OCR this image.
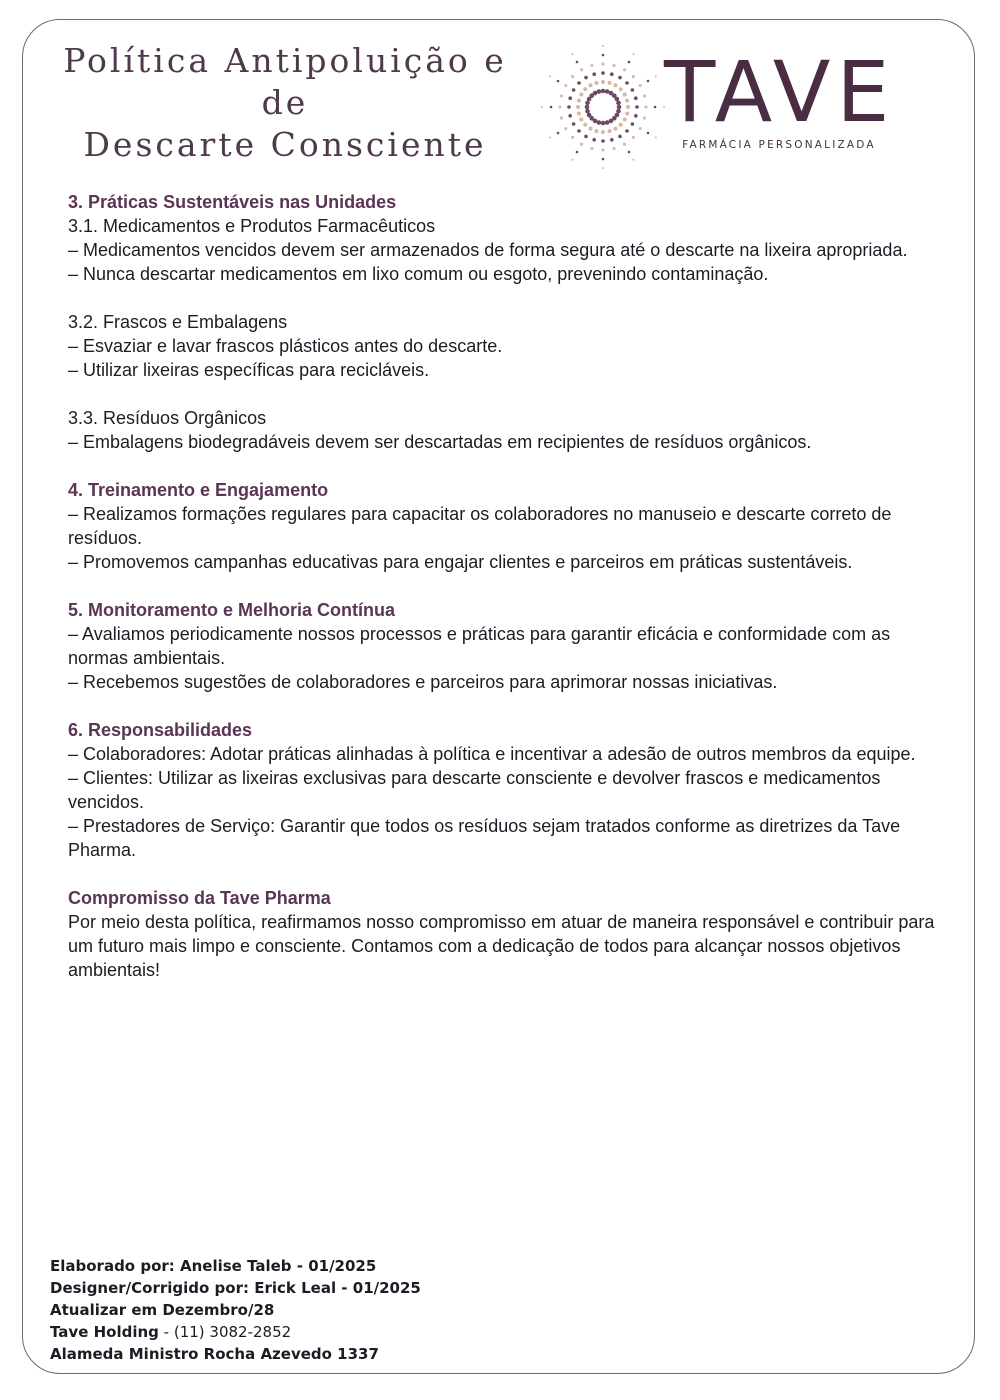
Política Antipoluição e de
Descarte Consciente
TAVE
FARMÁCIA PERSONALIZADA
3. Práticas Sustentáveis nas Unidades
3.1. Medicamentos e Produtos Farmacêuticos
– Medicamentos vencidos devem ser armazenados de forma segura até o descarte na lixeira apropriada.
– Nunca descartar medicamentos em lixo comum ou esgoto, prevenindo contaminação.
3.2. Frascos e Embalagens
– Esvaziar e lavar frascos plásticos antes do descarte.
– Utilizar lixeiras específicas para recicláveis.
3.3. Resíduos Orgânicos
– Embalagens biodegradáveis devem ser descartadas em recipientes de resíduos orgânicos.
4. Treinamento e Engajamento
– Realizamos formações regulares para capacitar os colaboradores no manuseio e descarte correto de resíduos.
– Promovemos campanhas educativas para engajar clientes e parceiros em práticas sustentáveis.
5. Monitoramento e Melhoria Contínua
– Avaliamos periodicamente nossos processos e práticas para garantir eficácia e conformidade com as normas ambientais.
– Recebemos sugestões de colaboradores e parceiros para aprimorar nossas iniciativas.
6. Responsabilidades
– Colaboradores: Adotar práticas alinhadas à política e incentivar a adesão de outros membros da equipe.
– Clientes: Utilizar as lixeiras exclusivas para descarte consciente e devolver frascos e medicamentos vencidos.
– Prestadores de Serviço: Garantir que todos os resíduos sejam tratados conforme as diretrizes da Tave Pharma.
Compromisso da Tave Pharma
Por meio desta política, reafirmamos nosso compromisso em atuar de maneira responsável e contribuir para um futuro mais limpo e consciente. Contamos com a dedicação de todos para alcançar nossos objetivos ambientais!
Elaborado por: Anelise Taleb - 01/2025
Designer/Corrigido por: Erick Leal - 01/2025
Atualizar em Dezembro/28
Tave Holding - (11) 3082-2852
Alameda Ministro Rocha Azevedo 1337
